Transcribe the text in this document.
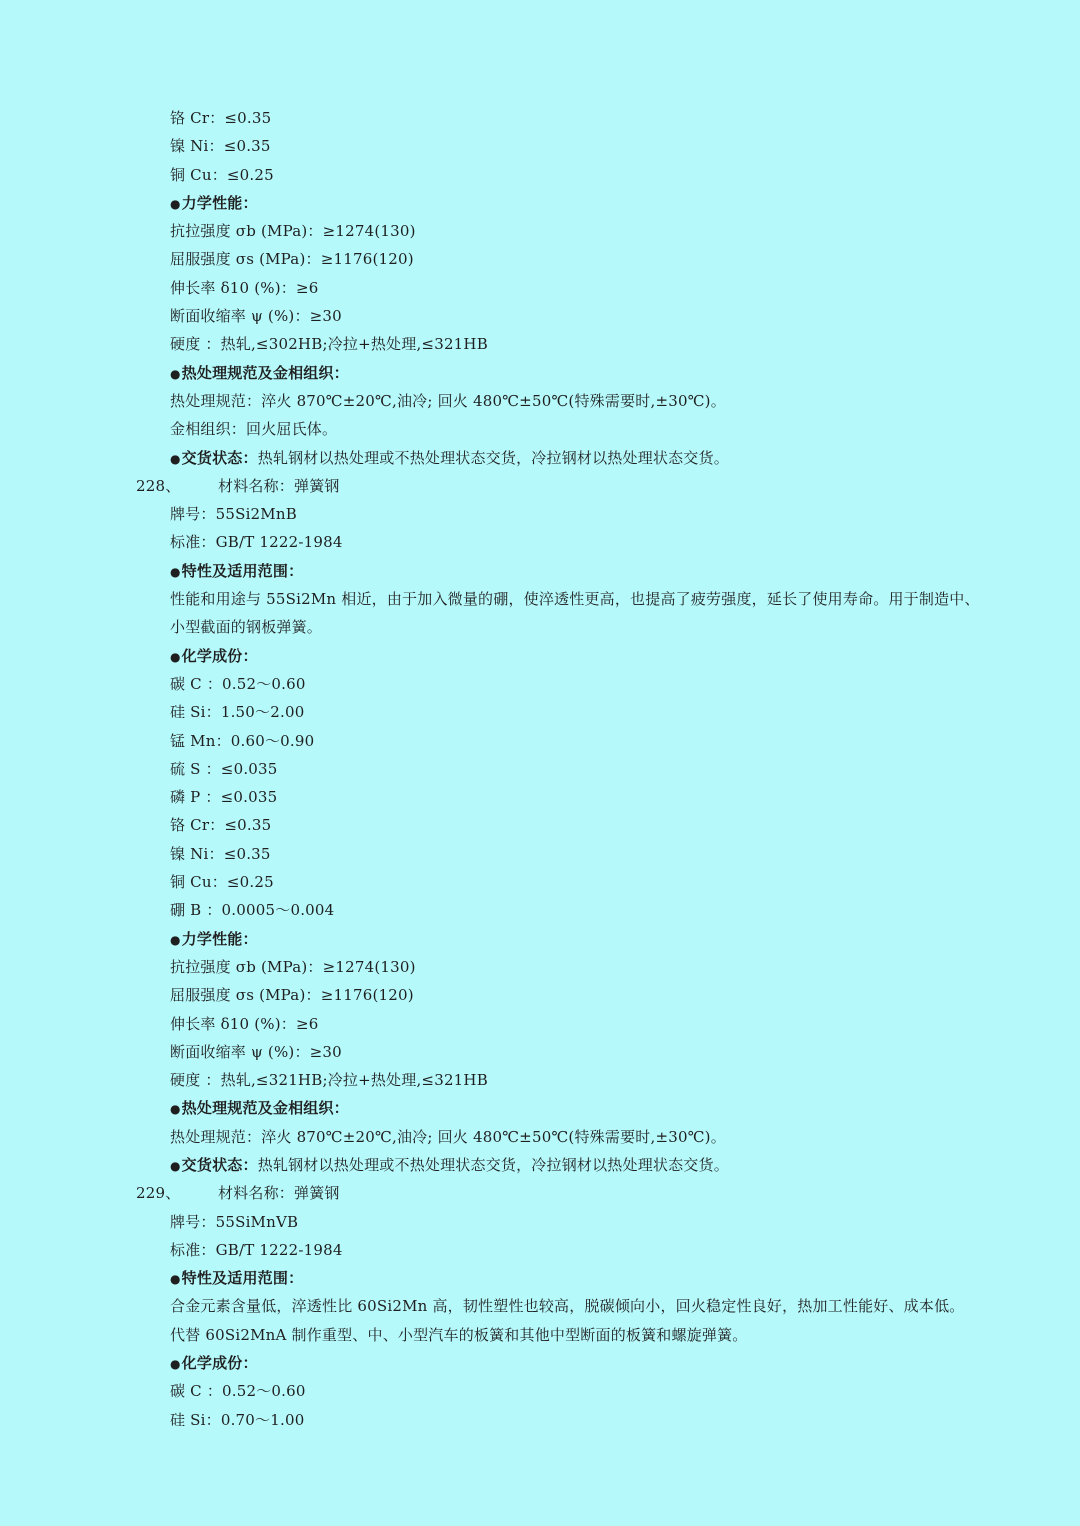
铬 Cr：≤0.35
镍 Ni：≤0.35
铜 Cu：≤0.25
●力学性能：
抗拉强度 σb (MPa)：≥1274(130)
屈服强度 σs (MPa)：≥1176(120)
伸长率 δ10 (%)：≥6
断面收缩率 ψ (%)：≥30
硬度 ：热轧,≤302HB;冷拉+热处理,≤321HB
●热处理规范及金相组织：
热处理规范：淬火 870℃±20℃,油冷; 回火 480℃±50℃(特殊需要时,±30℃)。
金相组织：回火屈氏体。
●交货状态：热轧钢材以热处理或不热处理状态交货，冷拉钢材以热处理状态交货。
228、	材料名称：弹簧钢
牌号：55Si2MnB
标准：GB/T 1222-1984
●特性及适用范围：
性能和用途与 55Si2Mn 相近，由于加入微量的硼，使淬透性更高，也提高了疲劳强度，延长了使用寿命。用于制造中、
小型截面的钢板弹簧。
●化学成份：
碳 C ：0.52～0.60
硅 Si：1.50～2.00
锰 Mn：0.60～0.90
硫 S ：≤0.035
磷 P ：≤0.035
铬 Cr：≤0.35
镍 Ni：≤0.35
铜 Cu：≤0.25
硼 B ：0.0005～0.004
●力学性能：
抗拉强度 σb (MPa)：≥1274(130)
屈服强度 σs (MPa)：≥1176(120)
伸长率 δ10 (%)：≥6
断面收缩率 ψ (%)：≥30
硬度 ：热轧,≤321HB;冷拉+热处理,≤321HB
●热处理规范及金相组织：
热处理规范：淬火 870℃±20℃,油冷; 回火 480℃±50℃(特殊需要时,±30℃)。
●交货状态：热轧钢材以热处理或不热处理状态交货，冷拉钢材以热处理状态交货。
229、	材料名称：弹簧钢
牌号：55SiMnVB
标准：GB/T 1222-1984
●特性及适用范围：
合金元素含量低，淬透性比 60Si2Mn 高，韧性塑性也较高，脱碳倾向小，回火稳定性良好，热加工性能好、成本低。
代替 60Si2MnA 制作重型、中、小型汽车的板簧和其他中型断面的板簧和螺旋弹簧。
●化学成份：
碳 C ：0.52～0.60
硅 Si：0.70～1.00
